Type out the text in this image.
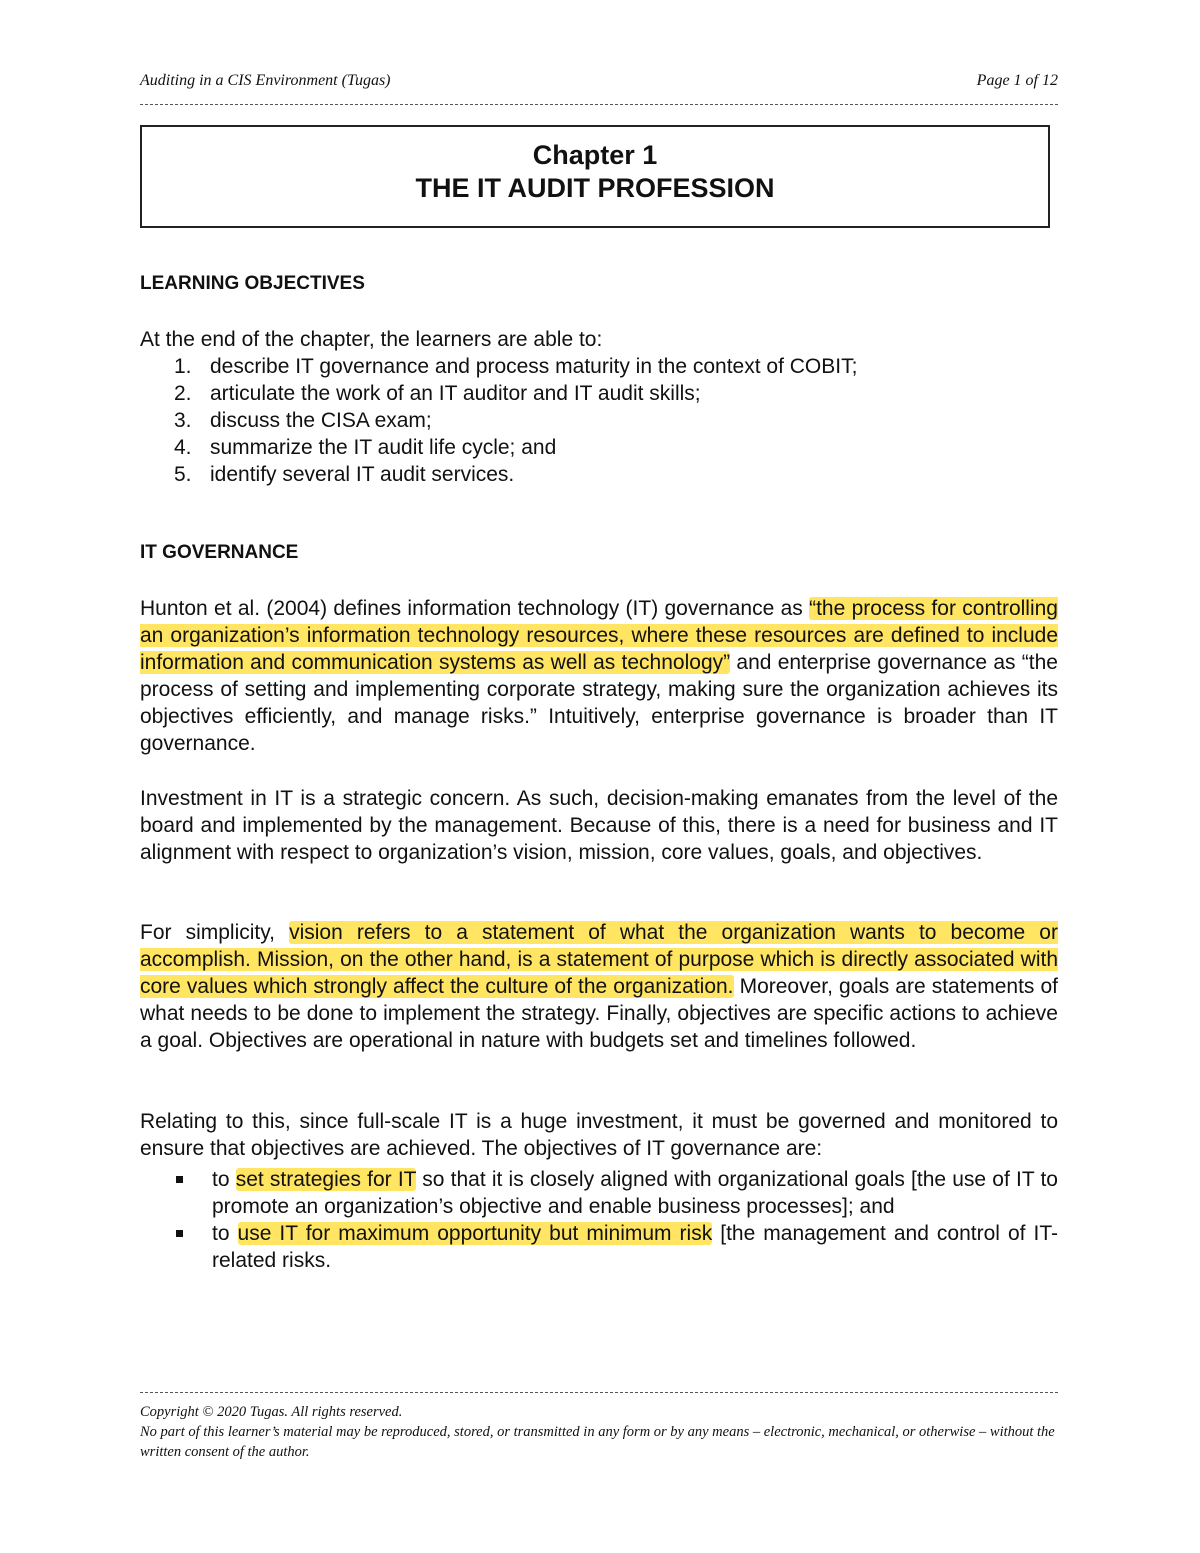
Auditing in a CIS Environment (Tugas)	Page 1 of 12
Chapter 1
THE IT AUDIT PROFESSION
LEARNING OBJECTIVES
At the end of the chapter, the learners are able to:
1. describe IT governance and process maturity in the context of COBIT;
2. articulate the work of an IT auditor and IT audit skills;
3. discuss the CISA exam;
4. summarize the IT audit life cycle; and
5. identify several IT audit services.
IT GOVERNANCE
Hunton et al. (2004) defines information technology (IT) governance as “the process for controlling an organization’s information technology resources, where these resources are defined to include information and communication systems as well as technology” and enterprise governance as “the process of setting and implementing corporate strategy, making sure the organization achieves its objectives efficiently, and manage risks.” Intuitively, enterprise governance is broader than IT governance.
Investment in IT is a strategic concern. As such, decision-making emanates from the level of the board and implemented by the management. Because of this, there is a need for business and IT alignment with respect to organization’s vision, mission, core values, goals, and objectives.
For simplicity, vision refers to a statement of what the organization wants to become or accomplish. Mission, on the other hand, is a statement of purpose which is directly associated with core values which strongly affect the culture of the organization. Moreover, goals are statements of what needs to be done to implement the strategy. Finally, objectives are specific actions to achieve a goal. Objectives are operational in nature with budgets set and timelines followed.
Relating to this, since full-scale IT is a huge investment, it must be governed and monitored to ensure that objectives are achieved. The objectives of IT governance are:
to set strategies for IT so that it is closely aligned with organizational goals [the use of IT to promote an organization’s objective and enable business processes]; and
to use IT for maximum opportunity but minimum risk [the management and control of IT-related risks.
Copyright © 2020 Tugas. All rights reserved.
No part of this learner’s material may be reproduced, stored, or transmitted in any form or by any means – electronic, mechanical, or otherwise – without the written consent of the author.
